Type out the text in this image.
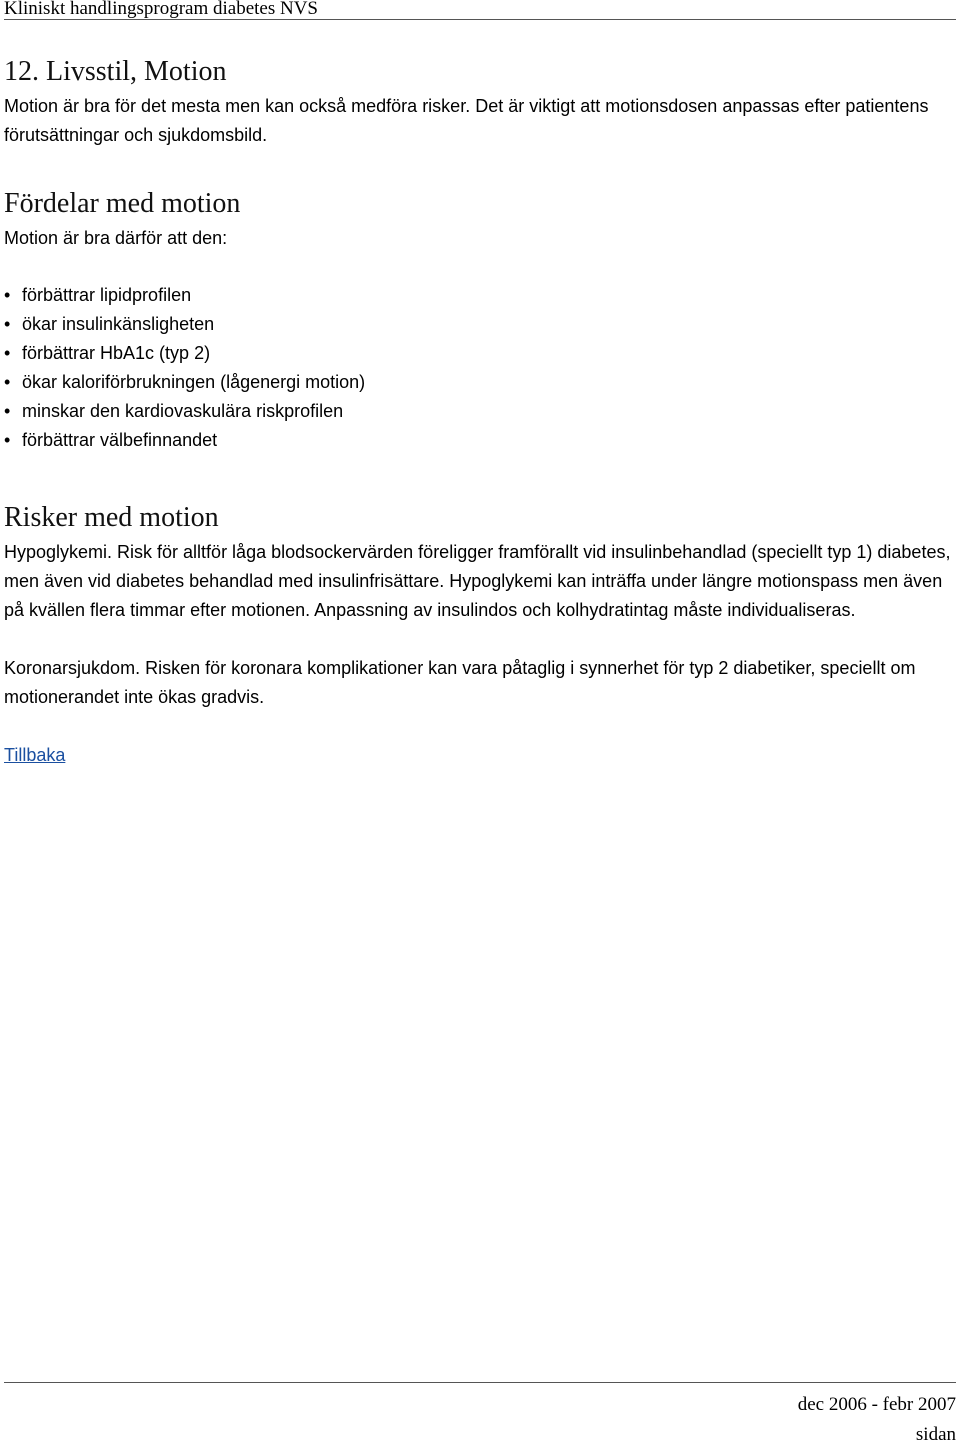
Kliniskt handlingsprogram diabetes NVS
12. Livsstil, Motion

Motion är bra för det mesta men kan också medföra risker. Det är viktigt att motionsdosen anpassas efter patientens förutsättningar och sjukdomsbild.

Fördelar med motion

Motion är bra därför att den:

• förbättrar lipidprofilen
• ökar insulinkänsligheten
• förbättrar HbA1c (typ 2)
• ökar kaloriförbrukningen (lågenergi motion)
• minskar den kardiovaskulära riskprofilen
• förbättrar välbefinnandet
Risker med motion

Hypoglykemi. Risk för alltför låga blodsockervärden föreligger framförallt vid insulinbehandlad (speciellt typ 1) diabetes, men även vid diabetes behandlad med insulinfrisättare. Hypoglykemi kan inträffa under längre motionspass men även på kvällen flera timmar efter motionen. Anpassning av insulindos och kolhydratintag måste individualiseras.

Koronarsjukdom. Risken för koronara komplikationer kan vara påtaglig i synnerhet för typ 2 diabetiker, speciellt om motionerandet inte ökas gradvis.

Tillbaka
dec 2006 - febr 2007
sidan
